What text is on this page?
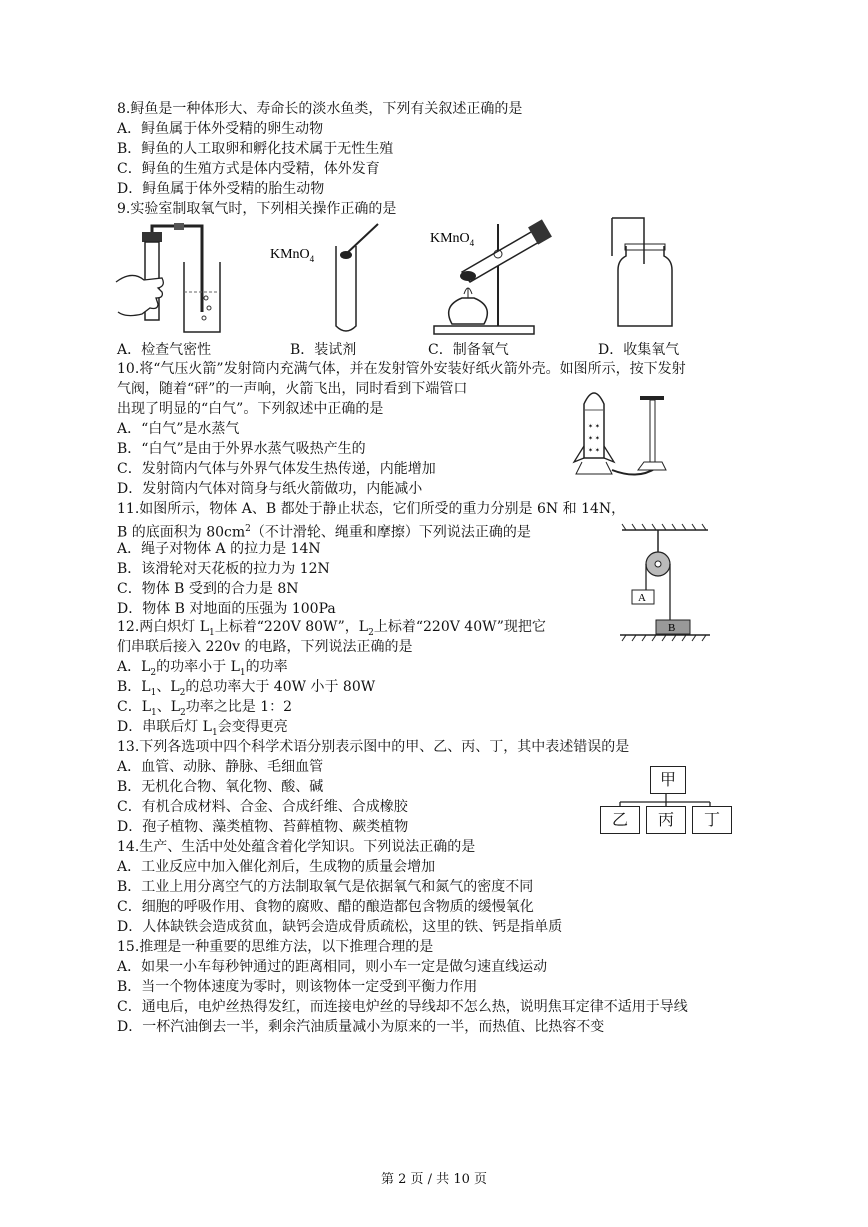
8.鲟鱼是一种体形大、寿命长的淡水鱼类，下列有关叙述正确的是
A．鲟鱼属于体外受精的卵生动物
B．鲟鱼的人工取卵和孵化技术属于无性生殖
C．鲟鱼的生殖方式是体内受精，体外发育
D．鲟鱼属于体外受精的胎生动物
9.实验室制取氧气时，下列相关操作正确的是
KMnO$_4$
KMnO$_4$
A．检查气密性	B．装试剂	C．制备氧气	D．收集氧气
10.将“气压火箭”发射筒内充满气体，并在发射管外安装好纸火箭外壳。如图所示，按下发射
气阀，随着“砰”的一声响，火箭飞出，同时看到下端管口
出现了明显的“白气”。下列叙述中正确的是
A．“白气”是水蒸气
B．“白气”是由于外界水蒸气吸热产生的
C．发射筒内气体与外界气体发生热传递，内能增加
D．发射筒内气体对筒身与纸火箭做功，内能减小
✶ ✶
✶ ✶
✶ ✶
11.如图所示，物体 A、B 都处于静止状态，它们所受的重力分别是 6N 和 14N，
B 的底面积为 $80cm^2$（不计滑轮、绳重和摩擦）下列说法正确的是
A．绳子对物体 A 的拉力是 14N
B．该滑轮对天花板的拉力为 12N
C．物体 B 受到的合力是 8N
D．物体 B 对地面的压强为 100Pa
A
B
12.两白炽灯 $L_1$上标着“220V 80W”，$L_2$上标着“220V 40W”现把它
们串联后接入 220v 的电路，下列说法正确的是
A．$L_2$的功率小于 $L_1$的功率
B．$L_1$、$L_2$的总功率大于 40W 小于 80W
C．$L_1$、$L_2$功率之比是 1：2
D．串联后灯 $L_1$会变得更亮
13.下列各选项中四个科学术语分别表示图中的甲、乙、丙、丁，其中表述错误的是
A．血管、动脉、静脉、毛细血管
B．无机化合物、氧化物、酸、碱
C．有机合成材料、合金、合成纤维、合成橡胶
D．孢子植物、藻类植物、苔藓植物、蕨类植物
甲
乙	丙	丁
14.生产、生活中处处蕴含着化学知识。下列说法正确的是
A．工业反应中加入催化剂后，生成物的质量会增加
B．工业上用分离空气的方法制取氧气是依据氧气和氮气的密度不同
C．细胞的呼吸作用、食物的腐败、醋的酿造都包含物质的缓慢氧化
D．人体缺铁会造成贫血，缺钙会造成骨质疏松，这里的铁、钙是指单质
15.推理是一种重要的思维方法，以下推理合理的是
A．如果一小车每秒钟通过的距离相同，则小车一定是做匀速直线运动
B．当一个物体速度为零时，则该物体一定受到平衡力作用
C．通电后，电炉丝热得发红，而连接电炉丝的导线却不怎么热，说明焦耳定律不适用于导线
D．一杯汽油倒去一半，剩余汽油质量减小为原来的一半，而热值、比热容不变
第 2 页 / 共 10 页
